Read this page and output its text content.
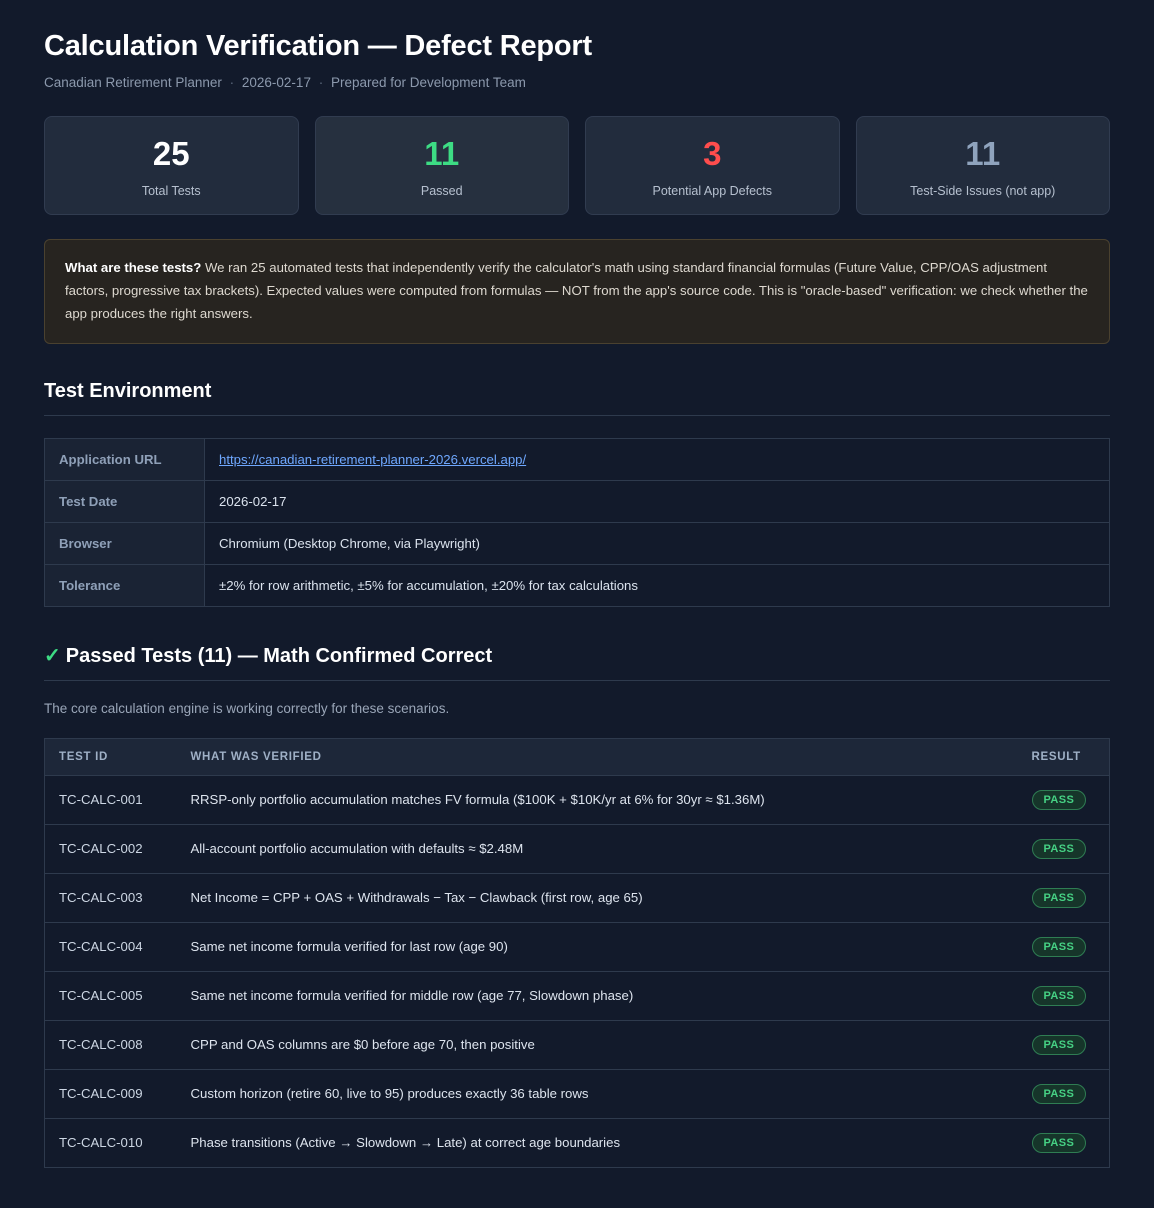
Calculation Verification — Defect Report
Canadian Retirement Planner · 2026-02-17 · Prepared for Development Team
25
Total Tests
11
Passed
3
Potential App Defects
11
Test-Side Issues (not app)
What are these tests? We ran 25 automated tests that independently verify the calculator's math using standard financial formulas (Future Value, CPP/OAS adjustment factors, progressive tax brackets). Expected values were computed from formulas — NOT from the app's source code. This is "oracle-based" verification: we check whether the app produces the right answers.
Test Environment
Application URL	https://canadian-retirement-planner-2026.vercel.app/
Test Date	2026-02-17
Browser	Chromium (Desktop Chrome, via Playwright)
Tolerance	±2% for row arithmetic, ±5% for accumulation, ±20% for tax calculations
✓ Passed Tests (11) — Math Confirmed Correct
The core calculation engine is working correctly for these scenarios.
TEST ID	WHAT WAS VERIFIED	RESULT
TC-CALC-001	RRSP-only portfolio accumulation matches FV formula ($100K + $10K/yr at 6% for 30yr ≈ $1.36M)	PASS
TC-CALC-002	All-account portfolio accumulation with defaults ≈ $2.48M	PASS
TC-CALC-003	Net Income = CPP + OAS + Withdrawals − Tax − Clawback (first row, age 65)	PASS
TC-CALC-004	Same net income formula verified for last row (age 90)	PASS
TC-CALC-005	Same net income formula verified for middle row (age 77, Slowdown phase)	PASS
TC-CALC-008	CPP and OAS columns are $0 before age 70, then positive	PASS
TC-CALC-009	Custom horizon (retire 60, live to 95) produces exactly 36 table rows	PASS
TC-CALC-010	Phase transitions (Active → Slowdown → Late) at correct age boundaries	PASS
